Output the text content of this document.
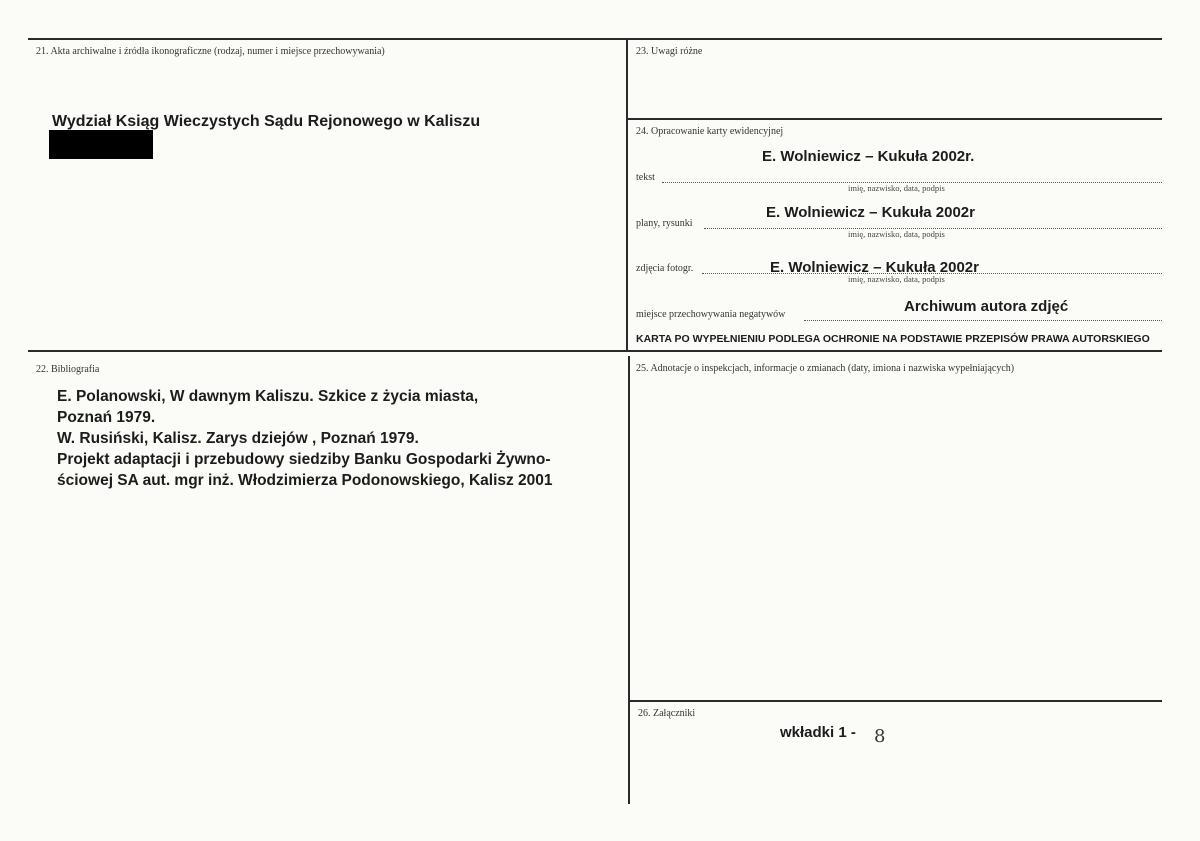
21. Akta archiwalne i źródła ikonograficzne (rodzaj, numer i miejsce przechowywania)
Wydział Ksiąg Wieczystych Sądu Rejonowego w Kaliszu
23. Uwagi różne
24. Opracowanie karty ewidencyjnej
E. Wolniewicz – Kukuła 2002r.
tekst
imię, nazwisko, data, podpis
E. Wolniewicz – Kukuła 2002r
plany, rysunki
imię, nazwisko, data, podpis
zdjęcia fotogr.	E. Wolniewicz – Kukuła 2002r
imię, nazwisko, data, podpis
Archiwum autora zdjęć
miejsce przechowywania negatywów
KARTA PO WYPEŁNIENIU PODLEGA OCHRONIE NA PODSTAWIE PRZEPISÓW PRAWA AUTORSKIEGO
22. Bibliografia
E. Polanowski, W dawnym Kaliszu. Szkice z życia miasta,
Poznań 1979.
W. Rusiński, Kalisz. Zarys dziejów , Poznań 1979.
Projekt adaptacji i przebudowy siedziby Banku Gospodarki Żywno-
ściowej SA aut. mgr inż. Włodzimierza Podonowskiego, Kalisz 2001
25. Adnotacje o inspekcjach, informacje o zmianach (daty, imiona i nazwiska wypełniających)
26. Załączniki
wkładki 1 - 8
